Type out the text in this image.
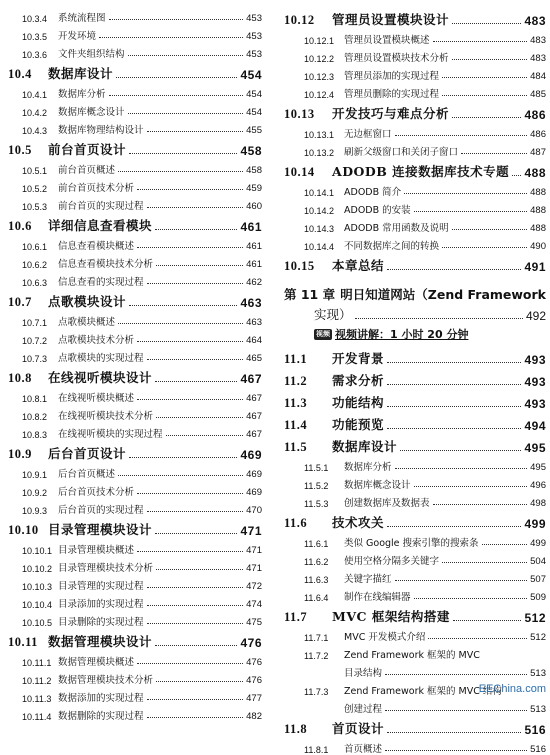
10.3.4	系统流程图	453
10.3.5	开发环境	453
10.3.6	文件夹组织结构	453
10.4	数据库设计	454
10.4.1	数据库分析	454
10.4.2	数据库概念设计	454
10.4.3	数据库物理结构设计	455
10.5	前台首页设计	458
10.5.1	前台首页概述	458
10.5.2	前台首页技术分析	459
10.5.3	前台首页的实现过程	460
10.6	详细信息查看模块	461
10.6.1	信息查看模块概述	461
10.6.2	信息查看模块技术分析	461
10.6.3	信息查看的实现过程	462
10.7	点歌模块设计	463
10.7.1	点歌模块概述	463
10.7.2	点歌模块技术分析	464
10.7.3	点歌模块的实现过程	465
10.8	在线视听模块设计	467
10.8.1	在线视听模块概述	467
10.8.2	在线视听模块技术分析	467
10.8.3	在线视听模块的实现过程	467
10.9	后台首页设计	469
10.9.1	后台首页概述	469
10.9.2	后台首页技术分析	469
10.9.3	后台首页的实现过程	470
10.10 目录管理模块设计	471
10.10.1 目录管理模块概述	471
10.10.2 目录管理模块技术分析	471
10.10.3 目录管理的实现过程	472
10.10.4 目录添加的实现过程	474
10.10.5 目录删除的实现过程	475
10.11 数据管理模块设计	476
10.11.1 数据管理模块概述	476
10.11.2 数据管理模块技术分析	476
10.11.3 数据添加的实现过程	477
10.11.4 数据删除的实现过程	482
10.12	管理员设置模块设计	483
10.12.1	管理员设置模块概述	483
10.12.2	管理员设置模块技术分析	483
10.12.3	管理员添加的实现过程	484
10.12.4	管理员删除的实现过程	485
10.13	开发技巧与难点分析	486
10.13.1	无边框窗口	486
10.13.2	刷新父级窗口和关闭子窗口	487
10.14	ADODB 连接数据库技术专题 488
10.14.1	ADODB 简介	488
10.14.2	ADODB 的安装	488
10.14.3	ADODB 常用函数及说明	488
10.14.4	不同数据库之间的转换	490
10.15	本章总结	491
第 11 章 明日知道网站（Zend Framework
实现）	492
视频 视频讲解：1 小时 20 分钟
11.1	开发背景	493
11.2	需求分析	493
11.3	功能结构	493
11.4	功能预览	494
11.5	数据库设计	495
11.5.1	数据库分析	495
11.5.2	数据库概念设计	496
11.5.3	创建数据库及数据表	498
11.6	技术攻关	499
11.6.1	类似 Google 搜索引擎的搜索条	499
11.6.2	使用空格分隔多关键字	504
11.6.3	关键字描红	507
11.6.4	制作在线编辑器	509
11.7	MVC 框架结构搭建	512
11.7.1	MVC 开发模式介绍	512
11.7.2	Zend Framework 框架的 MVC
目录结构	513
11.7.3	Zend Framework 框架的 MVC 结构
创建过程	513
11.8	首页设计	516
11.8.1	首页概述	516
EEChina.com
